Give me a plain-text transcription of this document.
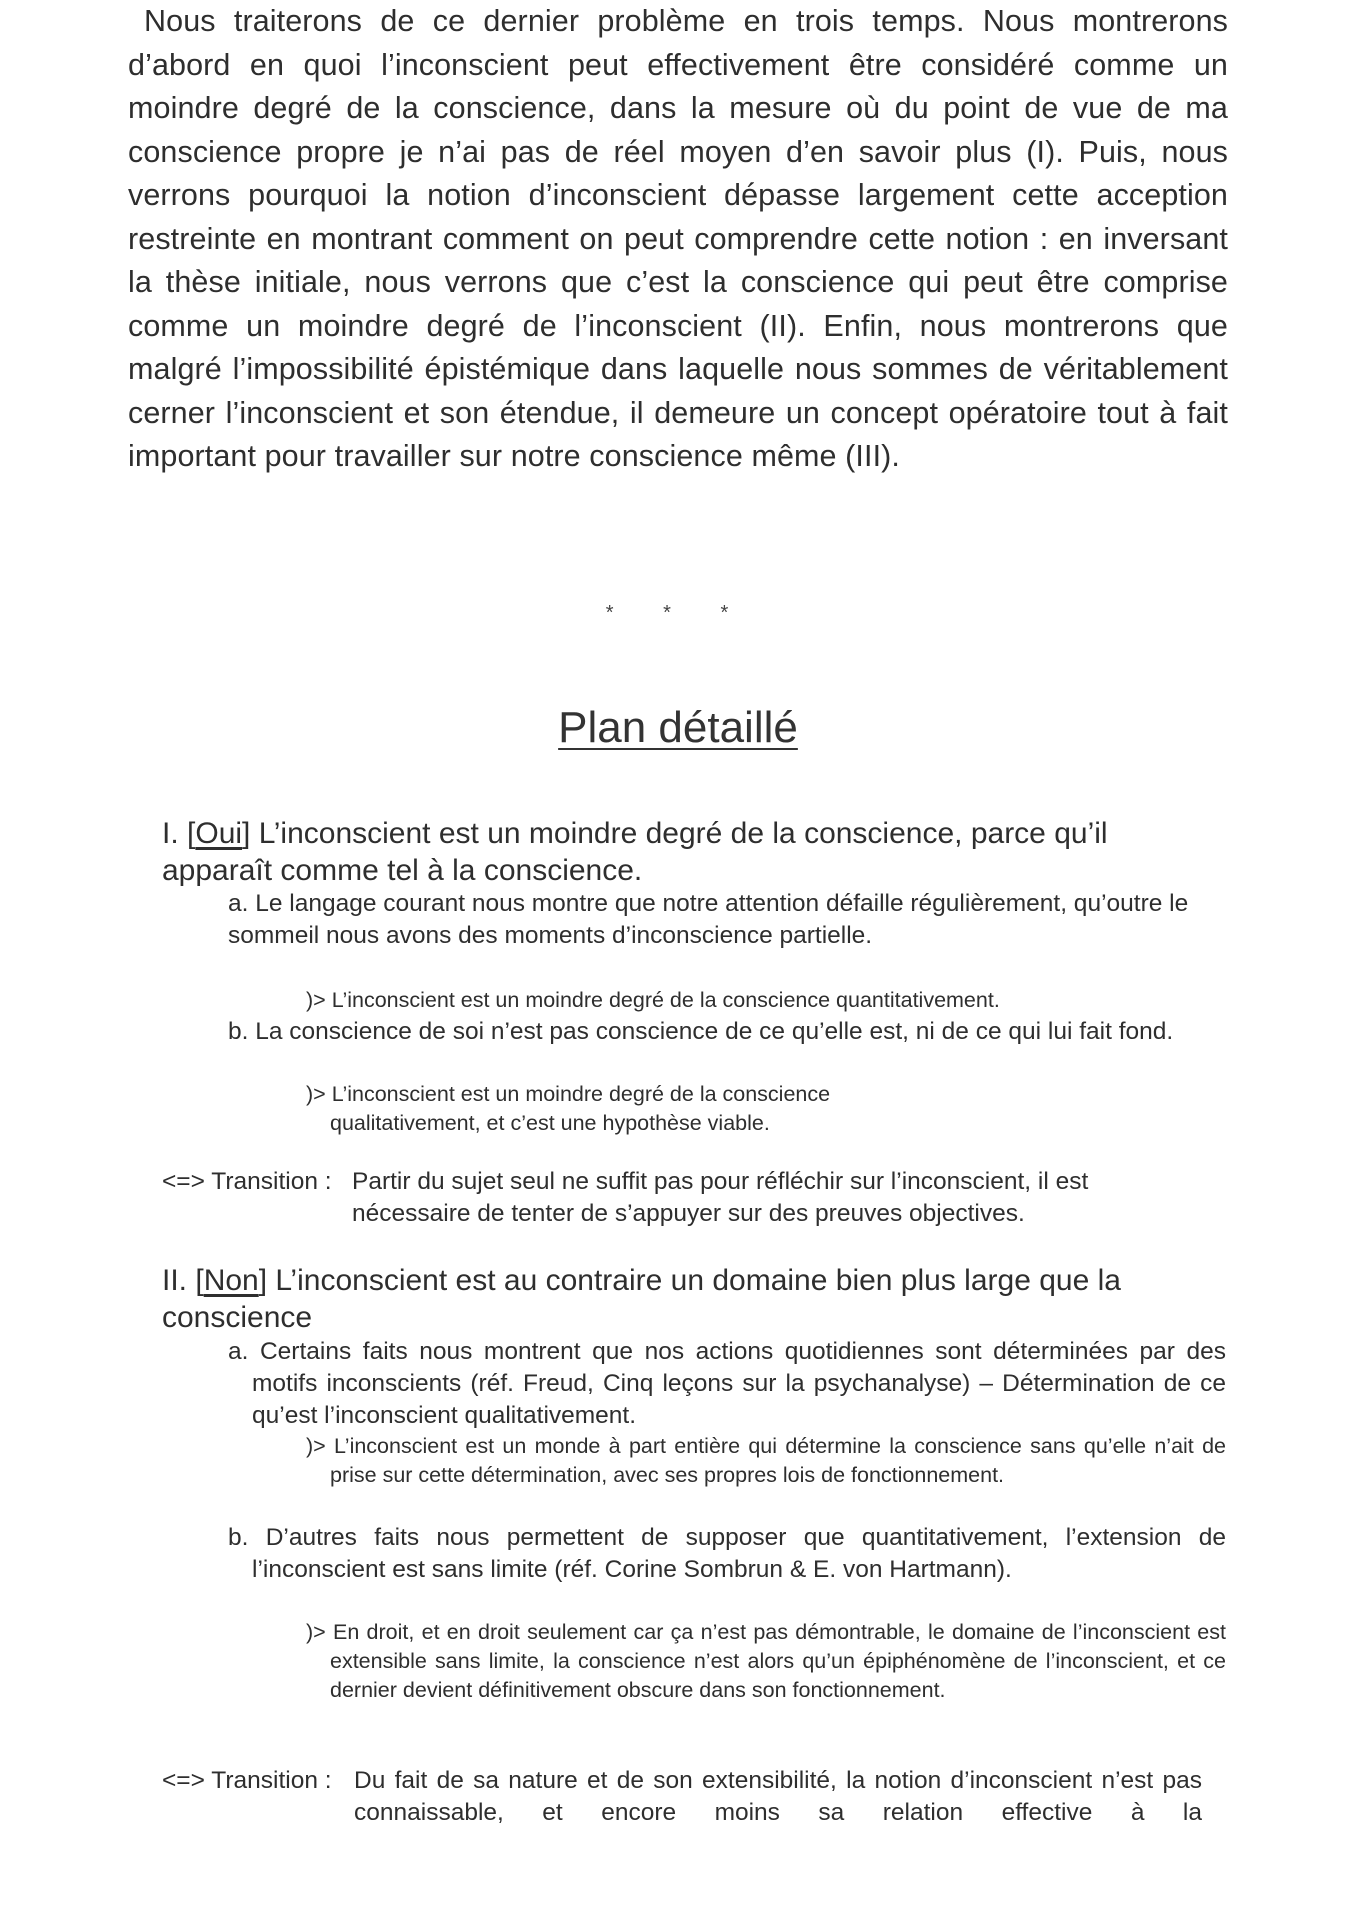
Nous traiterons de ce dernier problème en trois temps. Nous montrerons d’abord en quoi l’inconscient peut effectivement être considéré comme un moindre degré de la conscience, dans la mesure où du point de vue de ma conscience propre je n’ai pas de réel moyen d’en savoir plus (I). Puis, nous verrons pourquoi la notion d’inconscient dépasse largement cette acception restreinte en montrant comment on peut comprendre cette notion : en inversant la thèse initiale, nous verrons que c’est la conscience qui peut être comprise comme un moindre degré de l’inconscient (II). Enfin, nous montrerons que malgré l’impossibilité épistémique dans laquelle nous sommes de véritablement cerner l’inconscient et son étendue, il demeure un concept opératoire tout à fait important pour travailler sur notre conscience même (III).

* * *
Plan détaillé

I. [Oui] L’inconscient est un moindre degré de la conscience, parce qu’il apparaît comme tel à la conscience.

a. Le langage courant nous montre que notre attention défaille régulièrement, qu’outre le sommeil nous avons des moments d’inconscience partielle.

)> L’inconscient est un moindre degré de la conscience quantitativement.

b. La conscience de soi n’est pas conscience de ce qu’elle est, ni de ce qui lui fait fond.

)> L’inconscient est un moindre degré de la conscience qualitativement, et c’est une hypothèse viable.

<=> Transition : Partir du sujet seul ne suffit pas pour réfléchir sur l’inconscient, il est nécessaire de tenter de s’appuyer sur des preuves objectives.

II. [Non] L’inconscient est au contraire un domaine bien plus large que la conscience

a. Certains faits nous montrent que nos actions quotidiennes sont déterminées par des motifs inconscients (réf. Freud, Cinq leçons sur la psychanalyse) – Détermination de ce qu’est l’inconscient qualitativement.

)> L’inconscient est un monde à part entière qui détermine la conscience sans qu’elle n’ait de prise sur cette détermination, avec ses propres lois de fonctionnement.

b. D’autres faits nous permettent de supposer que quantitativement, l’extension de l’inconscient est sans limite (réf. Corine Sombrun & E. von Hartmann).

)> En droit, et en droit seulement car ça n’est pas démontrable, le domaine de l’inconscient est extensible sans limite, la conscience n’est alors qu’un épiphénomène de l’inconscient, et ce dernier devient définitivement obscure dans son fonctionnement.

<=> Transition : Du fait de sa nature et de son extensibilité, la notion d’inconscient n’est pas connaissable, et encore moins sa relation effective à la
